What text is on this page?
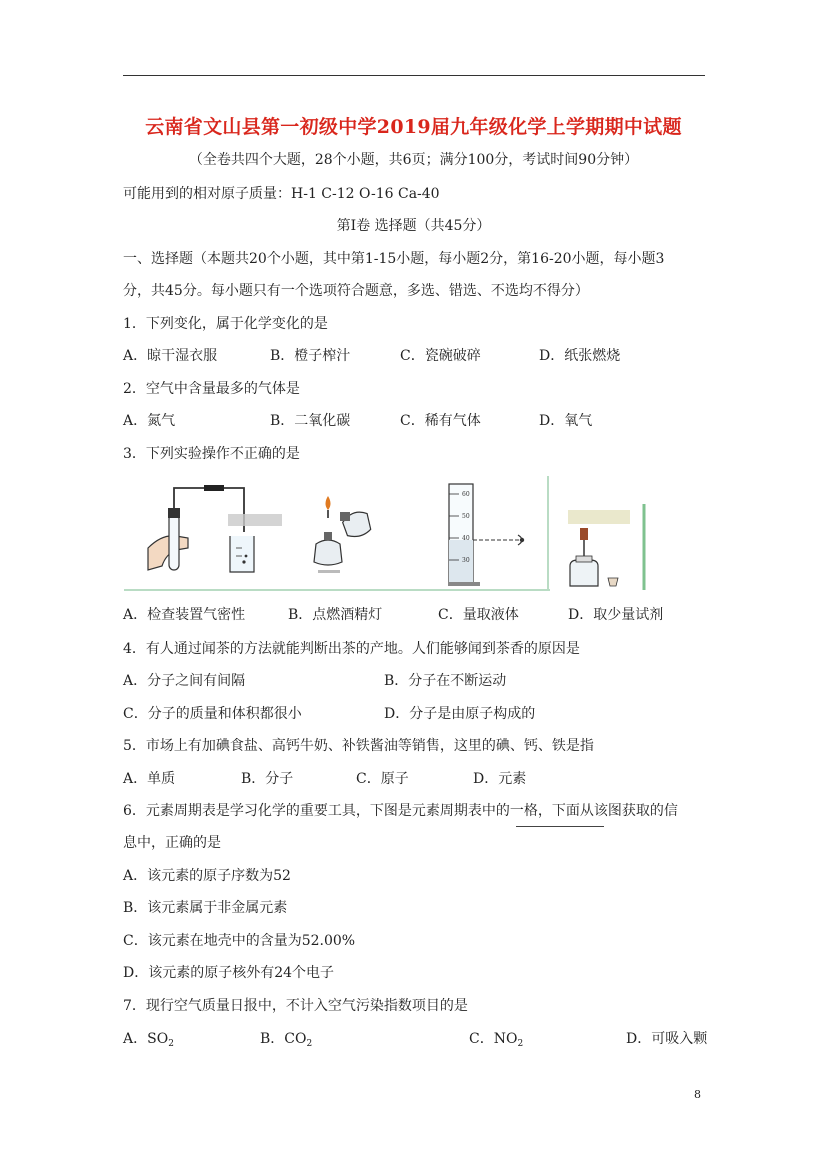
云南省文山县第一初级中学2019届九年级化学上学期期中试题
（全卷共四个大题，28个小题，共6页；满分100分，考试时间90分钟）
可能用到的相对原子质量：H-1 C-12 O-16 Ca-40
第Ⅰ卷 选择题（共45分）
一、选择题（本题共20个小题，其中第1-15小题，每小题2分，第16-20小题，每小题3
分，共45分。每小题只有一个选项符合题意，多选、错选、不选均不得分）
1．下列变化，属于化学变化的是
A．晾干湿衣服	B．橙子榨汁	C．瓷碗破碎	D．纸张燃烧
2．空气中含量最多的气体是
A．氮气	B．二氧化碳	C．稀有气体	D．氧气
3．下列实验操作不正确的是
60
50
40
30
A．检查装置气密性	B．点燃酒精灯	C．量取液体	D．取少量试剂
4．有人通过闻茶的方法就能判断出茶的产地。人们能够闻到茶香的原因是
A．分子之间有间隔	B．分子在不断运动
C．分子的质量和体积都很小	D．分子是由原子构成的
5．市场上有加碘食盐、高钙牛奶、补铁酱油等销售，这里的碘、钙、铁是指
A．单质	B．分子	C．原子	D．元素
6．元素周期表是学习化学的重要工具，下图是元素周期表中的一格，下面从该图获取的信
息中，正确的是
A．该元素的原子序数为52
B．该元素属于非金属元素
C．该元素在地壳中的含量为52.00%
D．该元素的原子核外有24个电子
7．现行空气质量日报中，不计入空气污染指数项目的是
A．$SO_2$	B．$CO_2$	C．$NO_2$	D．可吸入颗
8
